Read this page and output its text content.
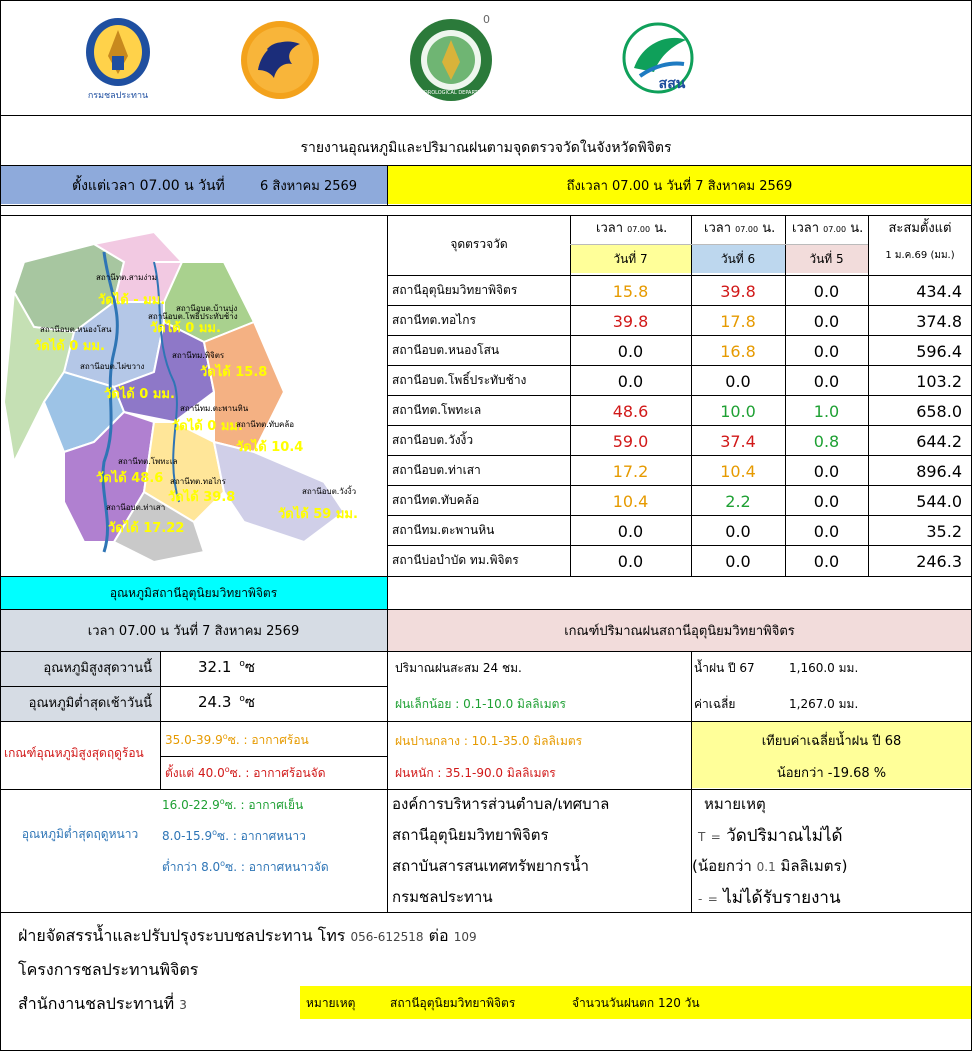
กรมชลประทาน	METEOROLOGICAL DEPARTMENT
0
สสน
รายงานอุณหภูมิและปริมาณฝนตามจุดตรวจวัดในจังหวัดพิจิตร
ตั้งแต่เวลา 07.00 น วันที่	6 สิงหาคม 2569	ถึงเวลา 07.00 น วันที่ 7 สิงหาคม 2569
สถานีทต.สามง่าม
วัดได้ - มม.
สถานีอบต.บ้านบุ่ง
สถานีอบต.โพธิ์ประทับช้าง
วัดได้ 0 มม.
สถานีอบต.หนองโสน
วัดได้ 0 มม.
สถานีอบต.ไผ่ขวาง
สถานีทม.พิจิตร
วัดได้ 15.8
วัดได้ 0 มม.
สถานีทม.ตะพานหิน
วัดได้ 0 มม.
สถานีทต.ทับคล้อ
วัดได้ 10.4
สถานีทต.โพทะเล
วัดได้ 48.6 สถานีทต.ทอไกร
วัดได้ 39.8	สถานีอบต.วังงิ้ว
วัดได้ 59 มม.
สถานีอบต.ท่าเสา
วัดได้ 17.22
จุดตรวจวัด
เวลา 07.00 น.	เวลา 07.00 น. เวลา 07.00 น.
วันที่ 7	วันที่ 6	วันที่ 5
สะสมตั้งแต่
1 ม.ค.69 (มม.)
สถานีอุตุนิยมวิทยาพิจิตร	15.8	39.8	0.0	434.4
สถานีทต.ทอไกร	39.8	17.8	0.0	374.8
สถานีอบต.หนองโสน	0.0	16.8	0.0	596.4
สถานีอบต.โพธิ์ประทับช้าง	0.0	0.0	0.0	103.2
สถานีทต.โพทะเล	48.6	10.0	1.0	658.0
สถานีอบต.วังงิ้ว	59.0	37.4	0.8	644.2
สถานีอบต.ท่าเสา	17.2	10.4	0.0	896.4
สถานีทต.ทับคล้อ	10.4	2.2	0.0	544.0
สถานีทม.ตะพานหิน	0.0	0.0	0.0	35.2
สถานีบ่อบำบัด ทม.พิจิตร	0.0	0.0	0.0	246.3
อุณหภูมิสถานีอุตุนิยมวิทยาพิจิตร
เวลา 07.00 น วันที่ 7 สิงหาคม 2569
อุณหภูมิสูงสุดวานนี้	32.1 $^o$ซ
อุณหภูมิต่ำสุดเช้าวันนี้	24.3 $^o$ซ
เกณฑ์อุณหภูมิสูงสุดฤดูร้อน
35.0-39.9$^o$ซ. : อากาศร้อน
ตั้งแต่ 40.0$^o$ซ. : อากาศร้อนจัด
อุณหภูมิต่ำสุดฤดูหนาว
16.0-22.9$^o$ซ. : อากาศเย็น
8.0-15.9$^o$ซ. : อากาศหนาว
ต่ำกว่า 8.0$^o$ซ. : อากาศหนาวจัด
เกณฑ์ปริมาณฝนสถานีอุตุนิยมวิทยาพิจิตร
ปริมาณฝนสะสม 24 ชม.
ฝนเล็กน้อย : 0.1-10.0 มิลลิเมตร
ฝนปานกลาง : 10.1-35.0 มิลลิเมตร
ฝนหนัก : 35.1-90.0 มิลลิเมตร
น้ำฝน ปี 67	1,160.0 มม.
ค่าเฉลี่ย	1,267.0 มม.
เทียบค่าเฉลี่ยน้ำฝน ปี 68
น้อยกว่า -19.68 %
องค์การบริหารส่วนตำบล/เทศบาล
สถานีอุตุนิยมวิทยาพิจิตร
สถาบันสารสนเทศทรัพยากรน้ำ
กรมชลประทาน
หมายเหตุ
T = วัดปริมาณไม่ได้
(น้อยกว่า 0.1 มิลลิเมตร)
- = ไม่ได้รับรายงาน
ฝ่ายจัดสรรน้ำและปรับปรุงระบบชลประทาน โทร 056-612518 ต่อ 109
โครงการชลประทานพิจิตร
สำนักงานชลประทานที่ 3	หมายเหตุ	สถานีอุตุนิยมวิทยาพิจิตร	จำนวนวันฝนตก 120 วัน
